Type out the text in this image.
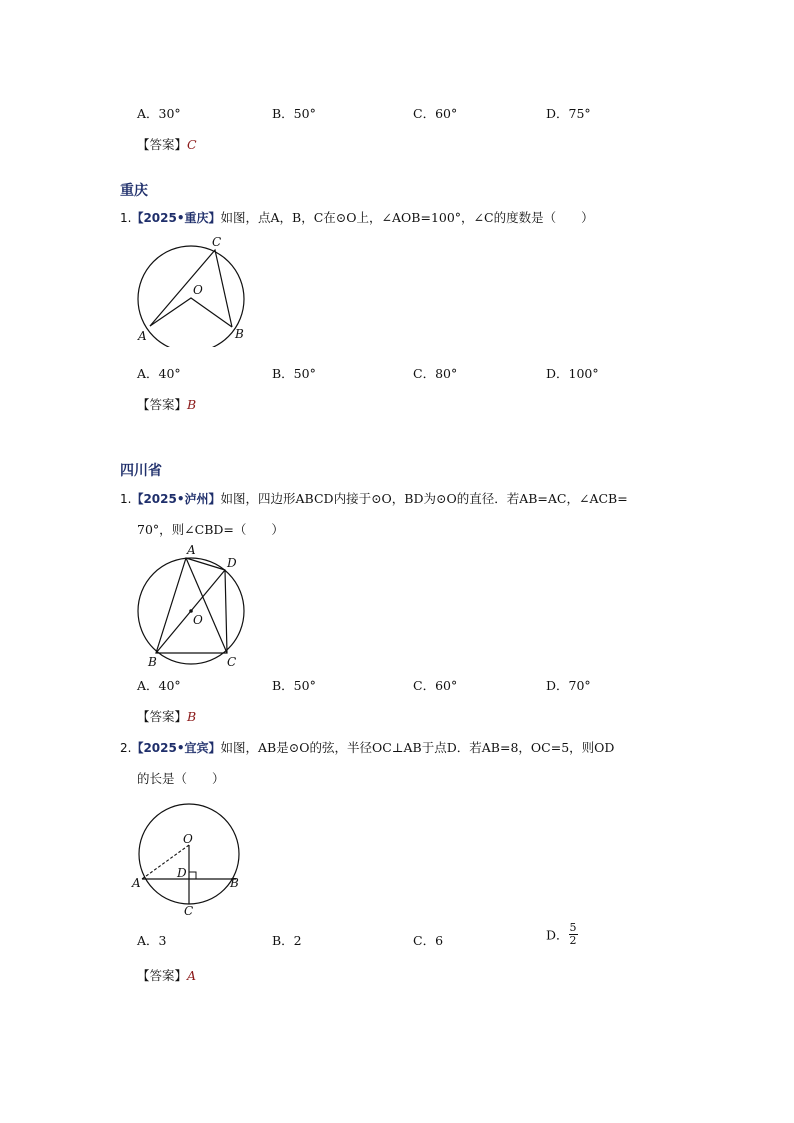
A．30°	B．50°	C．60°	D．75°
【答案】C
重庆
1.【2025•重庆】如图，点A，B，C在⊙O上，∠AOB=100°，∠C的度数是（　　）
C
O
A	B
A．40°	B．50°	C．80°	D．100°
【答案】B
四川省
1.【2025•泸州】如图，四边形ABCD内接于⊙O，BD为⊙O的直径．若AB=AC，∠ACB=
70°，则∠CBD=（　　）
A
D
O
B	C
A．40°	B．50°	C．60°	D．70°
【答案】B
2.【2025•宜宾】如图，AB是⊙O的弦，半径OC⊥AB于点D．若AB=8，OC=5，则OD
的长是（　　）
O
D
A	B
C
A．3	B．2	C．6	D． $\frac{5}{2}$
【答案】A
